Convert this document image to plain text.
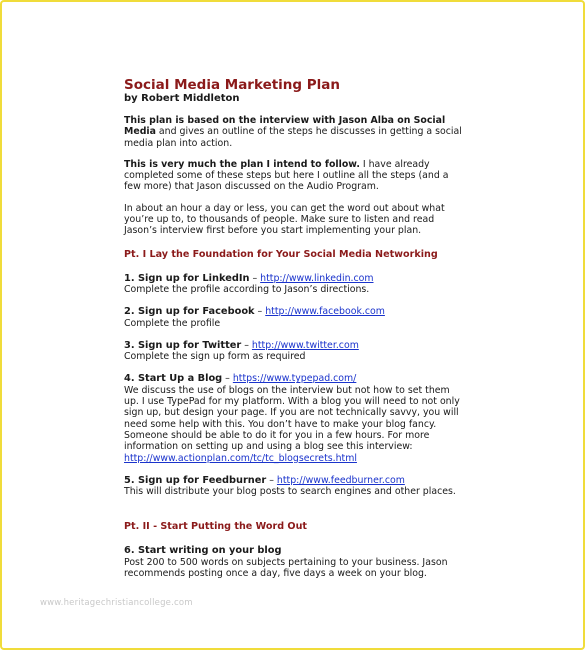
Social Media Marketing Plan
by Robert Middleton

This plan is based on the interview with Jason Alba on Social Media and gives an outline of the steps he discusses in getting a social media plan into action.

This is very much the plan I intend to follow. I have already completed some of these steps but here I outline all the steps (and a few more) that Jason discussed on the Audio Program.

In about an hour a day or less, you can get the word out about what you’re up to, to thousands of people. Make sure to listen and read Jason’s interview first before you start implementing your plan.

Pt. I Lay the Foundation for Your Social Media Networking
1. Sign up for LinkedIn – http://www.linkedin.com
Complete the profile according to Jason’s directions.
2. Sign up for Facebook – http://www.facebook.com
Complete the profile
3. Sign up for Twitter – http://www.twitter.com
Complete the sign up form as required
4. Start Up a Blog – https://www.typepad.com/
We discuss the use of blogs on the interview but not how to set them up. I use TypePad for my platform. With a blog you will need to not only sign up, but design your page. If you are not technically savvy, you will need some help with this. You don’t have to make your blog fancy. Someone should be able to do it for you in a few hours. For more information on setting up and using a blog see this interview: http://www.actionplan.com/tc/tc_blogsecrets.html
5. Sign up for Feedburner – http://www.feedburner.com
This will distribute your blog posts to search engines and other places.
Pt. II - Start Putting the Word Out
6. Start writing on your blog
Post 200 to 500 words on subjects pertaining to your business. Jason recommends posting once a day, five days a week on your blog.
www.heritagechristiancollege.com
